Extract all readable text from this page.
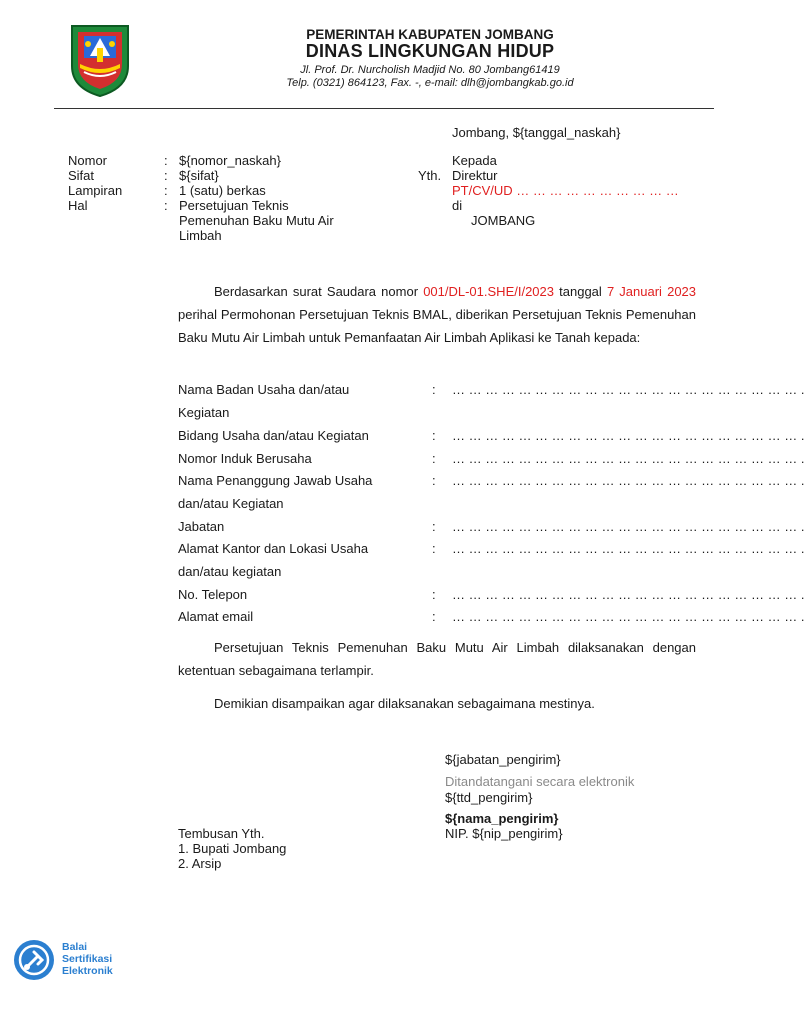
PEMERINTAH KABUPATEN JOMBANG
DINAS LINGKUNGAN HIDUP
Jl. Prof. Dr. Nurcholish Madjid No. 80 Jombang61419
Telp. (0321) 864123, Fax. -, e-mail: dlh@jombangkab.go.id
Jombang, ${tanggal_naskah}
Nomor	: ${nomor_naskah}
Sifat	: ${sifat}
Lampiran	: 1 (satu) berkas
Hal	: Persetujuan Teknis
Pemenuhan Baku Mutu Air
Limbah
Kepada
Yth. Direktur
PT/CV/UD … … … … … … … … … …
di
JOMBANG
Berdasarkan surat Saudara nomor 001/DL-01.SHE/I/2023 tanggal 7 Januari 2023 perihal Permohonan Persetujuan Teknis BMAL, diberikan Persetujuan Teknis Pemenuhan Baku Mutu Air Limbah untuk Pemanfaatan Air Limbah Aplikasi ke Tanah kepada:
Nama Badan Usaha dan/atau
Kegiatan
: … … … … … … … … … … … … … … … … … … … … … .
Bidang Usaha dan/atau Kegiatan	: … … … … … … … … … … … … … … … … … … … … … .
Nomor Induk Berusaha	: … … … … … … … … … … … … … … … … … … … … … .
Nama Penanggung Jawab Usaha
dan/atau Kegiatan
: … … … … … … … … … … … … … … … … … … … … … .
Jabatan	: … … … … … … … … … … … … … … … … … … … … … .
Alamat Kantor dan Lokasi Usaha
dan/atau kegiatan
: … … … … … … … … … … … … … … … … … … … … … .
No. Telepon	: … … … … … … … … … … … … … … … … … … … … … .
Alamat email	: … … … … … … … … … … … … … … … … … … … … … .
Persetujuan Teknis Pemenuhan Baku Mutu Air Limbah dilaksanakan dengan ketentuan sebagaimana terlampir.
Demikian disampaikan agar dilaksanakan sebagaimana mestinya.
${jabatan_pengirim}
Ditandatangani secara elektronik
${ttd_pengirim}
${nama_pengirim}
NIP. ${nip_pengirim}
Tembusan Yth.
1. Bupati Jombang
2. Arsip
Balai
Sertifikasi
Elektronik
